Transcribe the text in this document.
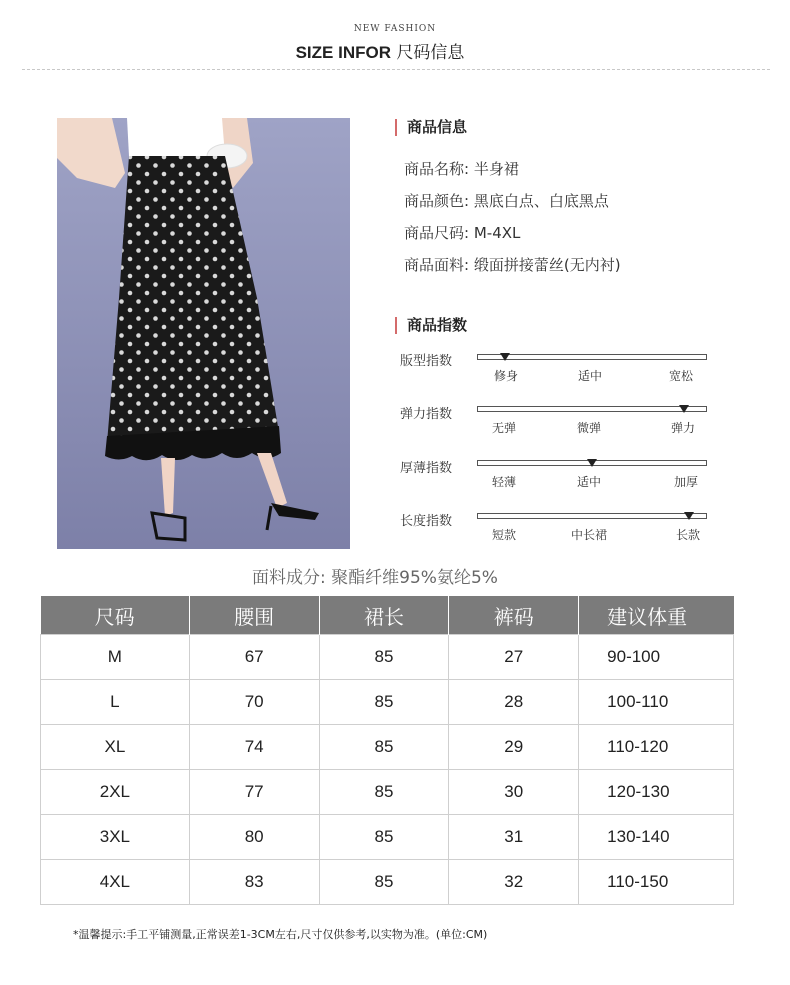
NEW FASHION
SIZE INFOR 尺码信息
商品信息
商品名称: 半身裙
商品颜色: 黑底白点、白底黑点
商品尺码: M-4XL
商品面料: 缎面拼接蕾丝(无内衬)
商品指数
版型指数
修身	适中	宽松
弹力指数
无弹	微弹	弹力
厚薄指数
轻薄	适中	加厚
长度指数
短款	中长裙	长款
面料成分: 聚酯纤维95%氨纶5%
尺码	腰围	裙长	裤码	建议体重
M	67	85	27	90-100
L	70	85	28	100-110
XL	74	85	29	110-120
2XL	77	85	30	120-130
3XL	80	85	31	130-140
4XL	83	85	32	110-150
*温馨提示:手工平铺测量,正常误差1-3CM左右,尺寸仅供参考,以实物为准。(单位:CM)
